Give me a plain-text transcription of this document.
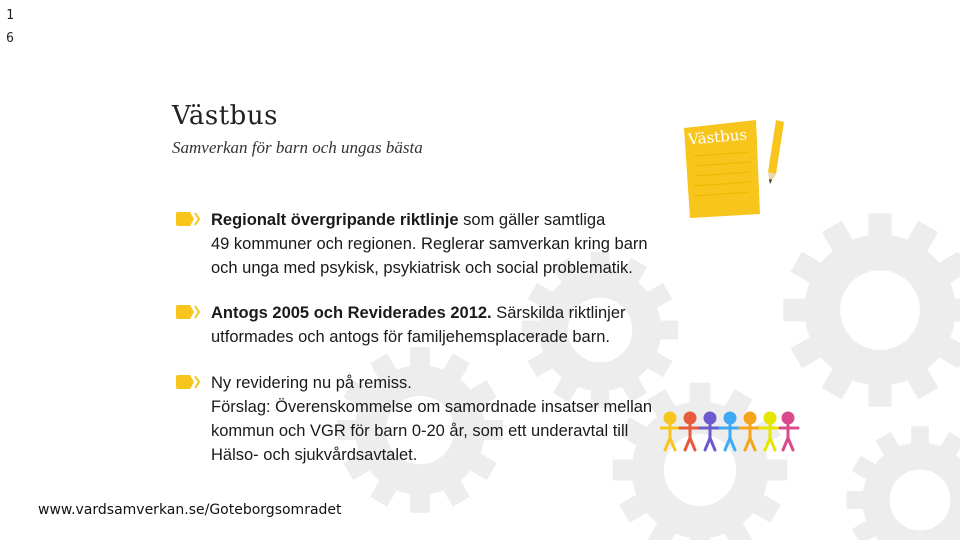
1
6
Västbus
Samverkan för barn och ungas bästa	Västbus
Regionalt övergripande riktlinje som gäller samtliga
49 kommuner och regionen. Reglerar samverkan kring barn
och unga med psykisk, psykiatrisk och social problematik.
Antogs 2005 och Reviderades 2012. Särskilda riktlinjer
utformades och antogs för familjehemsplacerade barn.
Ny revidering nu på remiss.
Förslag: Överenskommelse om samordnade insatser mellan
kommun och VGR för barn 0-20 år, som ett underavtal till
Hälso- och sjukvårdsavtalet.
www.vardsamverkan.se/Goteborgsomradet
